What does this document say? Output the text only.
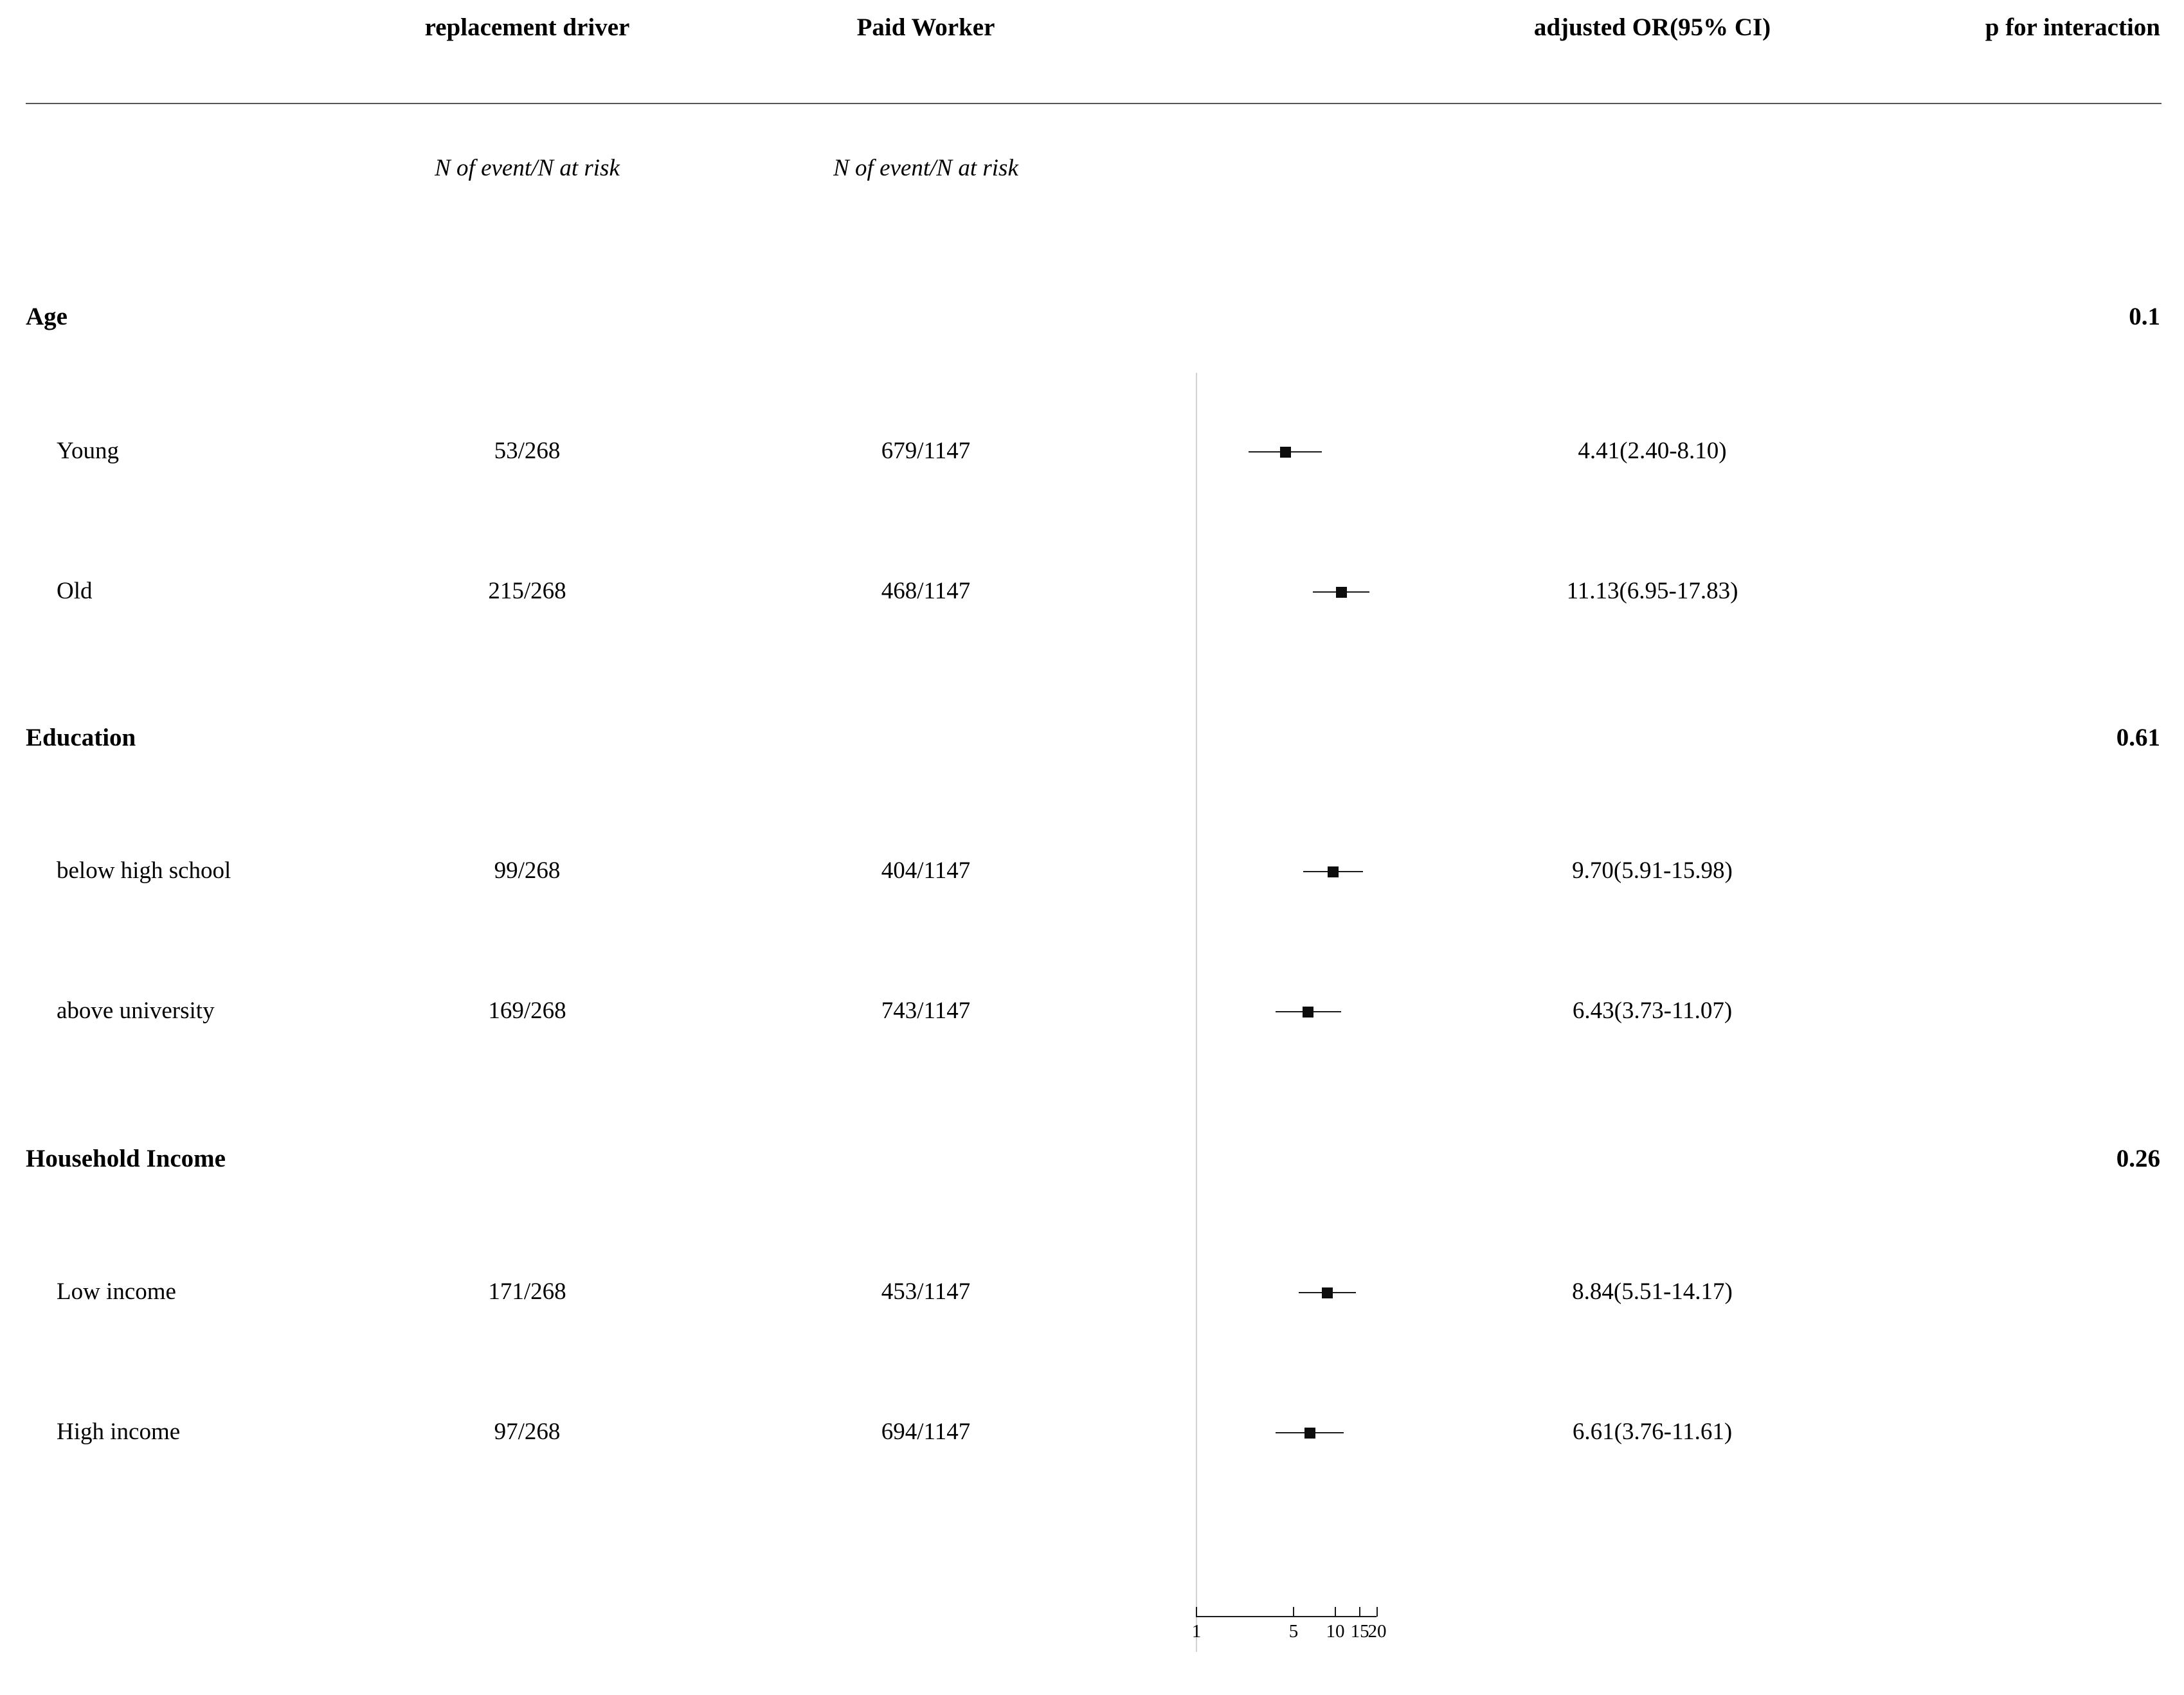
replacement driver	Paid Worker	adjusted OR(95% CI)	p for interaction
N of event/N at risk	N of event/N at risk
Age	0.1
Young	53/268	679/1147	4.41(2.40-8.10)
Old	215/268	468/1147	11.13(6.95-17.83)
Education	0.61
below high school	99/268	404/1147	9.70(5.91-15.98)
above university	169/268	743/1147	6.43(3.73-11.07)
Household Income	0.26
Low income	171/268	453/1147	8.84(5.51-14.17)
High income	97/268	694/1147	6.61(3.76-11.61)
1	5 10 15
20
